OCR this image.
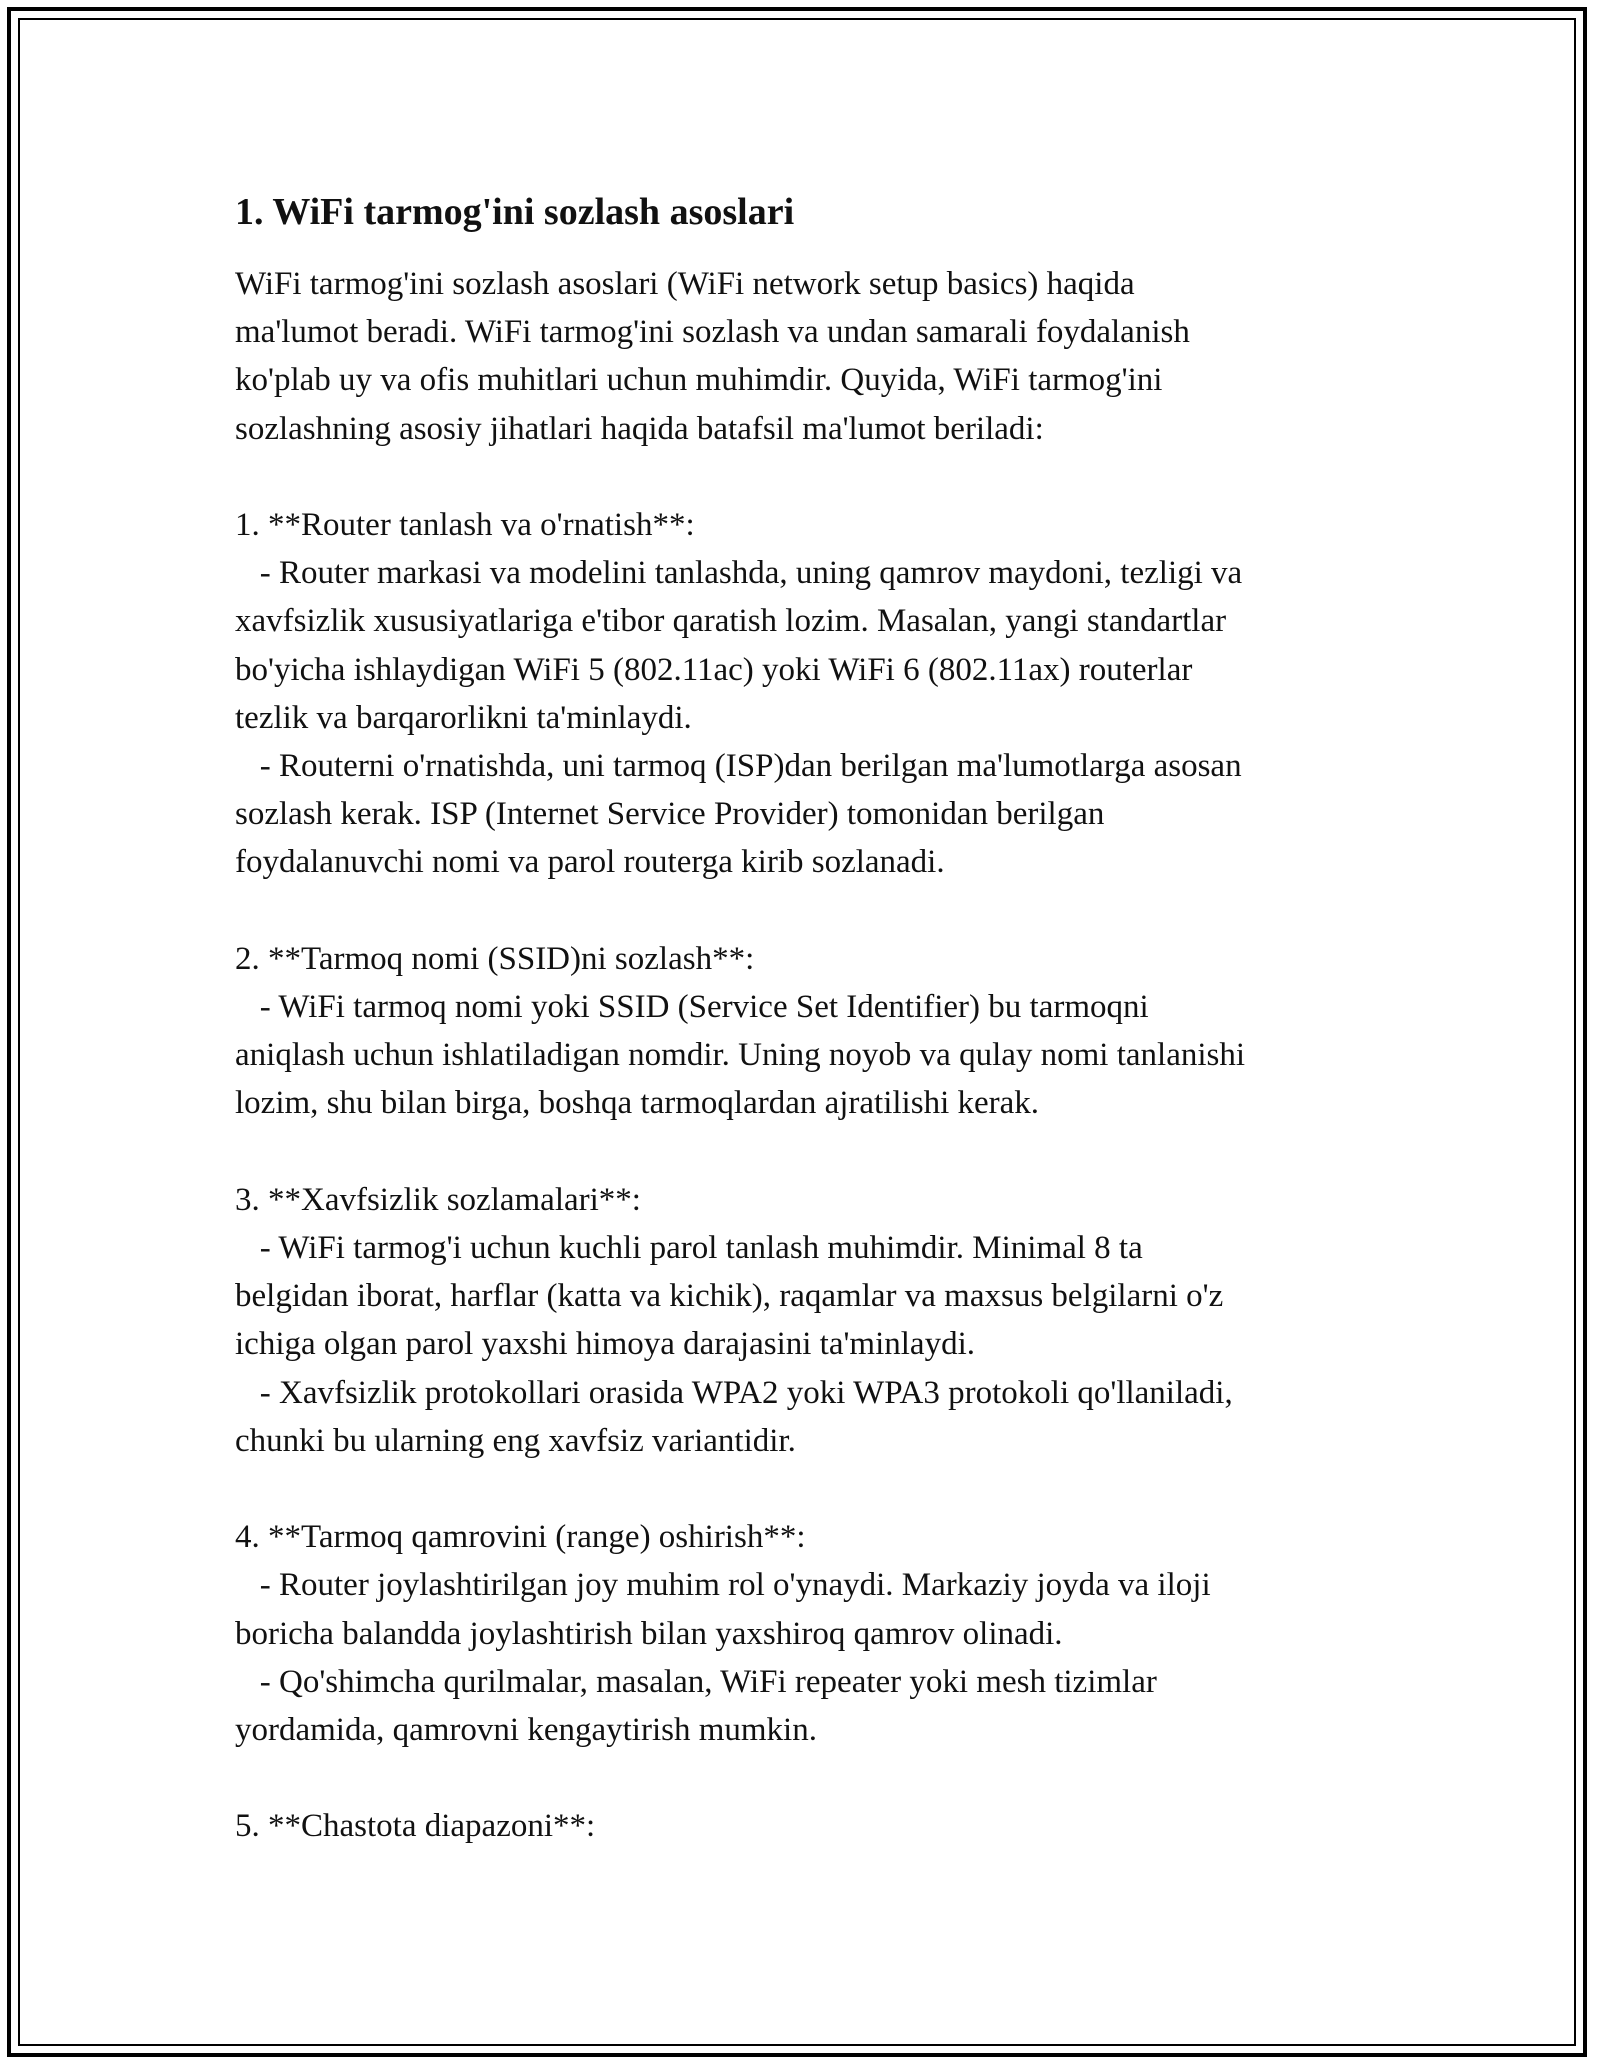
1. WiFi tarmog'ini sozlash asoslari

WiFi tarmog'ini sozlash asoslari (WiFi network setup basics) haqida
ma'lumot beradi. WiFi tarmog'ini sozlash va undan samarali foydalanish
ko'plab uy va ofis muhitlari uchun muhimdir. Quyida, WiFi tarmog'ini
sozlashning asosiy jihatlari haqida batafsil ma'lumot beriladi:

1. **Router tanlash va o'rnatish**:
- Router markasi va modelini tanlashda, uning qamrov maydoni, tezligi va
xavfsizlik xususiyatlariga e'tibor qaratish lozim. Masalan, yangi standartlar
bo'yicha ishlaydigan WiFi 5 (802.11ac) yoki WiFi 6 (802.11ax) routerlar
tezlik va barqarorlikni ta'minlaydi.
- Routerni o'rnatishda, uni tarmoq (ISP)dan berilgan ma'lumotlarga asosan
sozlash kerak. ISP (Internet Service Provider) tomonidan berilgan
foydalanuvchi nomi va parol routerga kirib sozlanadi.

2. **Tarmoq nomi (SSID)ni sozlash**:
- WiFi tarmoq nomi yoki SSID (Service Set Identifier) bu tarmoqni
aniqlash uchun ishlatiladigan nomdir. Uning noyob va qulay nomi tanlanishi
lozim, shu bilan birga, boshqa tarmoqlardan ajratilishi kerak.

3. **Xavfsizlik sozlamalari**:
- WiFi tarmog'i uchun kuchli parol tanlash muhimdir. Minimal 8 ta
belgidan iborat, harflar (katta va kichik), raqamlar va maxsus belgilarni o'z
ichiga olgan parol yaxshi himoya darajasini ta'minlaydi.
- Xavfsizlik protokollari orasida WPA2 yoki WPA3 protokoli qo'llaniladi,
chunki bu ularning eng xavfsiz variantidir.

4. **Tarmoq qamrovini (range) oshirish**:
- Router joylashtirilgan joy muhim rol o'ynaydi. Markaziy joyda va iloji
boricha balandda joylashtirish bilan yaxshiroq qamrov olinadi.
- Qo'shimcha qurilmalar, masalan, WiFi repeater yoki mesh tizimlar
yordamida, qamrovni kengaytirish mumkin.

5. **Chastota diapazoni**:
